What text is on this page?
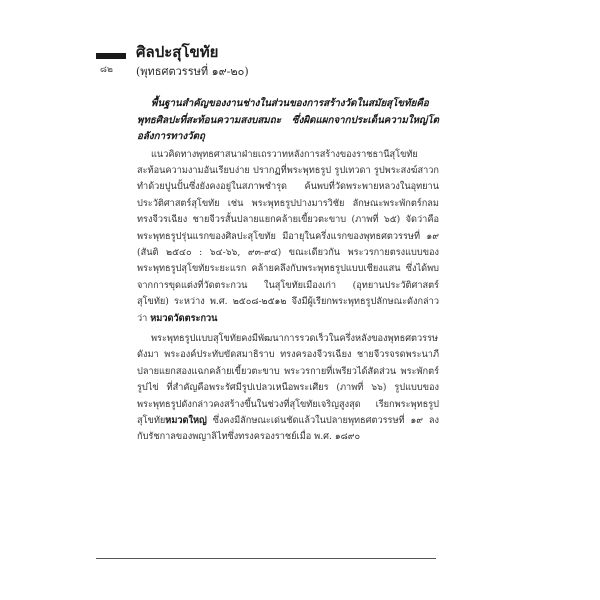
๘๒
ศิลปะสุโขทัย
(พุทธศตวรรษที่ ๑๙-๒๐)

พื้นฐานสำคัญของงานช่างในส่วนของการสร้างวัดในสมัยสุโขทัยคือ พุทธศิลปะที่สะท้อนความสงบสมถะ ซึ่งผิดแผกจากประเด็นความใหญ่โตอลังการทางวัตถุ

แนวคิดทางพุทธศาสนาฝ่ายเถรวาทหลังการสร้างของราชธานีสุโขทัยสะท้อนความงามอันเรียบง่าย ปรากฏที่พระพุทธรูป รูปเทวดา รูปพระสงฆ์สาวก ทำด้วยปูนปั้นซึ่งยังคงอยู่ในสภาพชำรุด ค้นพบที่วัดพระพายหลวงในอุทยานประวัติศาสตร์สุโขทัย เช่น พระพุทธรูปปางมารวิชัย ลักษณะพระพักตร์กลม ทรงจีวรเฉียง ชายจีวรสั้นปลายแยกคล้ายเขี้ยวตะขาบ (ภาพที่ ๖๕) จัดว่าคือพระพุทธรูปรุ่นแรกของศิลปะสุโขทัย มีอายุในครึ่งแรกของพุทธศตวรรษที่ ๑๙ (สันติ ๒๕๔๐ : ๖๔-๖๖, ๙๓-๙๔) ขณะเดียวกัน พระวรกายตรงแบบของพระพุทธรูปสุโขทัยระยะแรก คล้ายคลึงกับพระพุทธรูปแบบเชียงแสน ซึ่งได้พบจากการขุดแต่งที่วัดตระกวน ในสุโขทัยเมืองเก่า (อุทยานประวัติศาสตร์สุโขทัย) ระหว่าง พ.ศ. ๒๕๐๘-๒๕๑๒ จึงมีผู้เรียกพระพุทธรูปลักษณะดังกล่าวว่า หมวดวัดตระกวน

พระพุทธรูปแบบสุโขทัยคงมีพัฒนาการรวดเร็วในครึ่งหลังของพุทธศตวรรษดังมา พระองค์ประทับขัดสมาธิราบ ทรงครองจีวรเฉียง ชายจีวรจรดพระนาภี ปลายแยกสองแฉกคล้ายเขี้ยวตะขาบ พระวรกายที่เพรียวได้สัดส่วน พระพักตร์รูปไข่ ที่สำคัญคือพระรัศมีรูปเปลวเหนือพระเศียร (ภาพที่ ๖๖) รูปแบบของพระพุทธรูปดังกล่าวคงสร้างขึ้นในช่วงที่สุโขทัยเจริญสูงสุด เรียกพระพุทธรูปสุโขทัยหมวดใหญ่ ซึ่งคงมีลักษณะเด่นชัดแล้วในปลายพุทธศตวรรษที่ ๑๙ ลงกับรัชกาลของพญาลิไทซึ่งทรงครองราชย์เมื่อ พ.ศ. ๑๘๙๐
